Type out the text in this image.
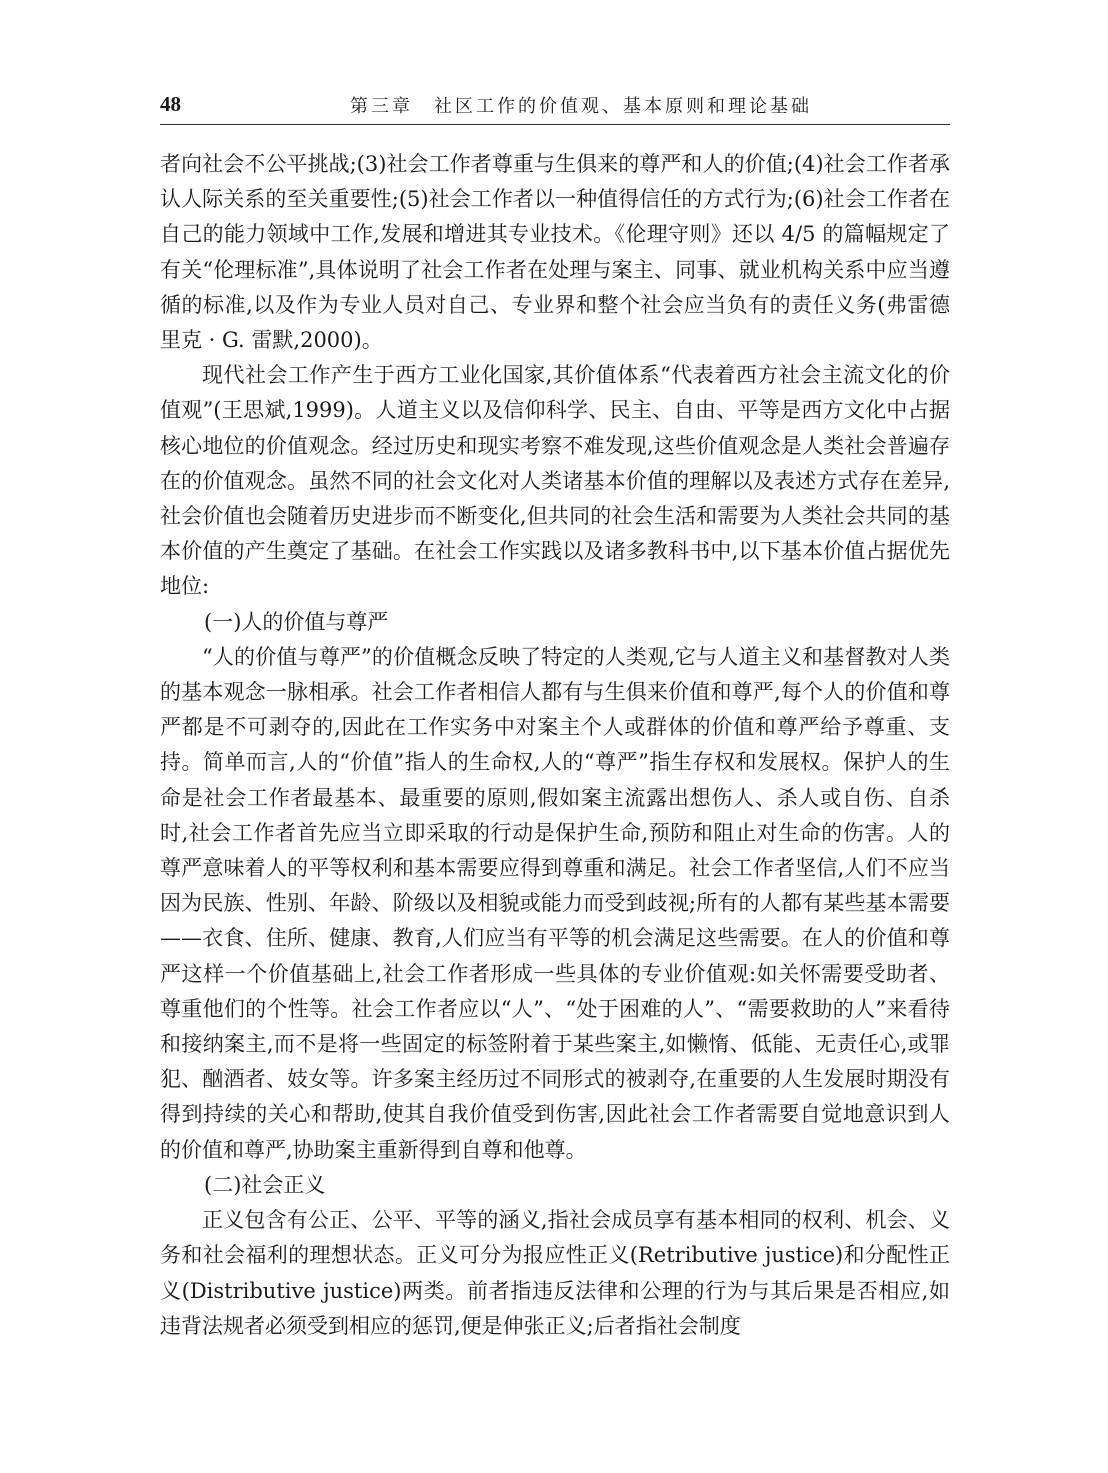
48	第三章　社区工作的价值观、基本原则和理论基础

者向社会不公平挑战;(3)社会工作者尊重与生俱来的尊严和人的价值;(4)社会工作者承认人际关系的至关重要性;(5)社会工作者以一种值得信任的方式行为;(6)社会工作者在自己的能力领域中工作,发展和增进其专业技术。《伦理守则》还以 4/5 的篇幅规定了有关“伦理标准”,具体说明了社会工作者在处理与案主、同事、就业机构关系中应当遵循的标准,以及作为专业人员对自己、专业界和整个社会应当负有的责任义务(弗雷德里克 · G. 雷默,2000)。

现代社会工作产生于西方工业化国家,其价值体系“代表着西方社会主流文化的价值观”(王思斌,1999)。人道主义以及信仰科学、民主、自由、平等是西方文化中占据核心地位的价值观念。经过历史和现实考察不难发现,这些价值观念是人类社会普遍存在的价值观念。虽然不同的社会文化对人类诸基本价值的理解以及表述方式存在差异,社会价值也会随着历史进步而不断变化,但共同的社会生活和需要为人类社会共同的基本价值的产生奠定了基础。在社会工作实践以及诸多教科书中,以下基本价值占据优先地位:

(一)人的价值与尊严

“人的价值与尊严”的价值概念反映了特定的人类观,它与人道主义和基督教对人类的基本观念一脉相承。社会工作者相信人都有与生俱来价值和尊严,每个人的价值和尊严都是不可剥夺的,因此在工作实务中对案主个人或群体的价值和尊严给予尊重、支持。简单而言,人的“价值”指人的生命权,人的“尊严”指生存权和发展权。保护人的生命是社会工作者最基本、最重要的原则,假如案主流露出想伤人、杀人或自伤、自杀时,社会工作者首先应当立即采取的行动是保护生命,预防和阻止对生命的伤害。人的尊严意味着人的平等权利和基本需要应得到尊重和满足。社会工作者坚信,人们不应当因为民族、性别、年龄、阶级以及相貌或能力而受到歧视;所有的人都有某些基本需要——衣食、住所、健康、教育,人们应当有平等的机会满足这些需要。在人的价值和尊严这样一个价值基础上,社会工作者形成一些具体的专业价值观:如关怀需要受助者、尊重他们的个性等。社会工作者应以“人”、“处于困难的人”、“需要救助的人”来看待和接纳案主,而不是将一些固定的标签附着于某些案主,如懒惰、低能、无责任心,或罪犯、酗酒者、妓女等。许多案主经历过不同形式的被剥夺,在重要的人生发展时期没有得到持续的关心和帮助,使其自我价值受到伤害,因此社会工作者需要自觉地意识到人的价值和尊严,协助案主重新得到自尊和他尊。

(二)社会正义

正义包含有公正、公平、平等的涵义,指社会成员享有基本相同的权利、机会、义务和社会福利的理想状态。正义可分为报应性正义(Retributive justice)和分配性正义(Distributive justice)两类。前者指违反法律和公理的行为与其后果是否相应,如违背法规者必须受到相应的惩罚,便是伸张正义;后者指社会制度
